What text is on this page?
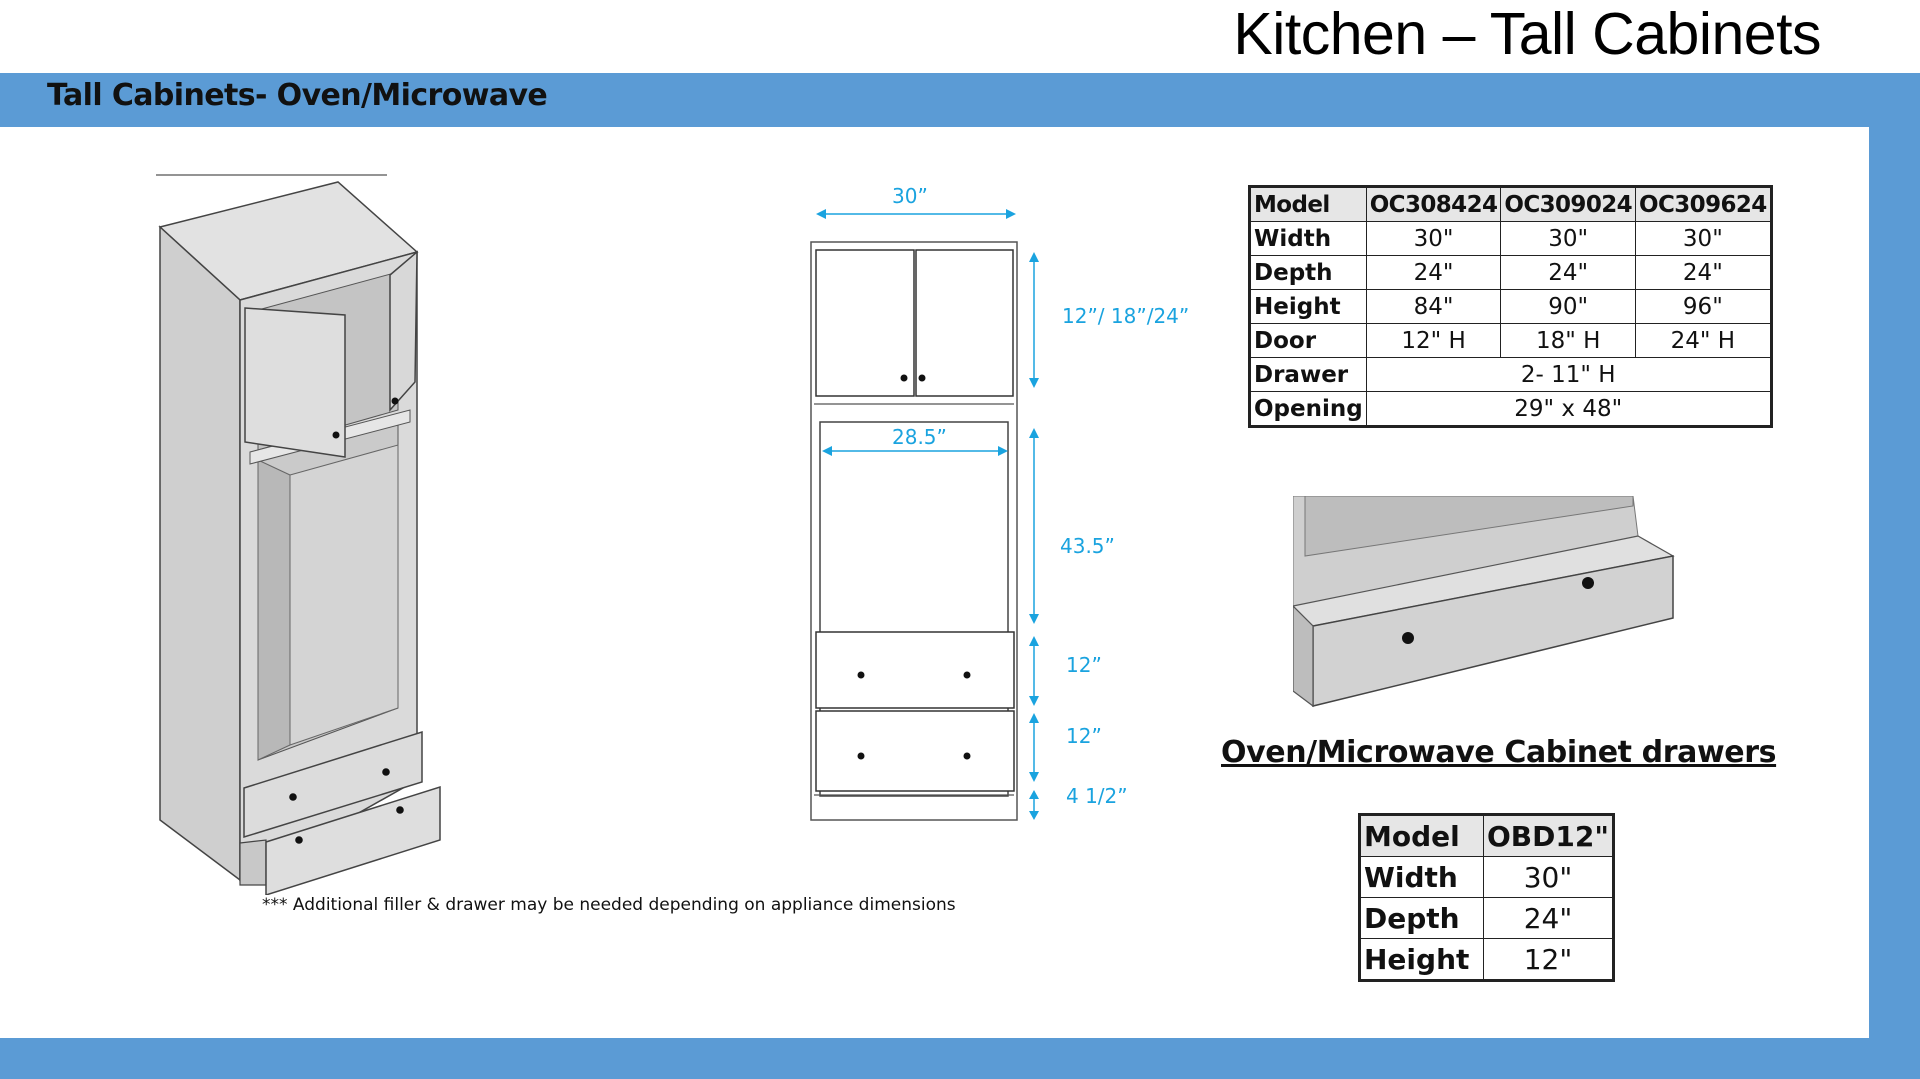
Kitchen – Tall Cabinets
Tall Cabinets- Oven/Microwave
30”
28.5”
12”/ 18”/24”
43.5”
12”
12”
4 1/2”
*** Additional filler & drawer may be needed depending on appliance dimensions
Model	OC308424	OC309024	OC309624
Width	30"	30"	30"
Depth	24"	24"	24"
Height	84"	90"	96"
Door	12" H	18" H	24" H
Drawer	2- 11" H		
Opening	29" x 48"		
Oven/Microwave Cabinet drawers
Model	OBD12"
Width	30"
Depth	24"
Height	12"
